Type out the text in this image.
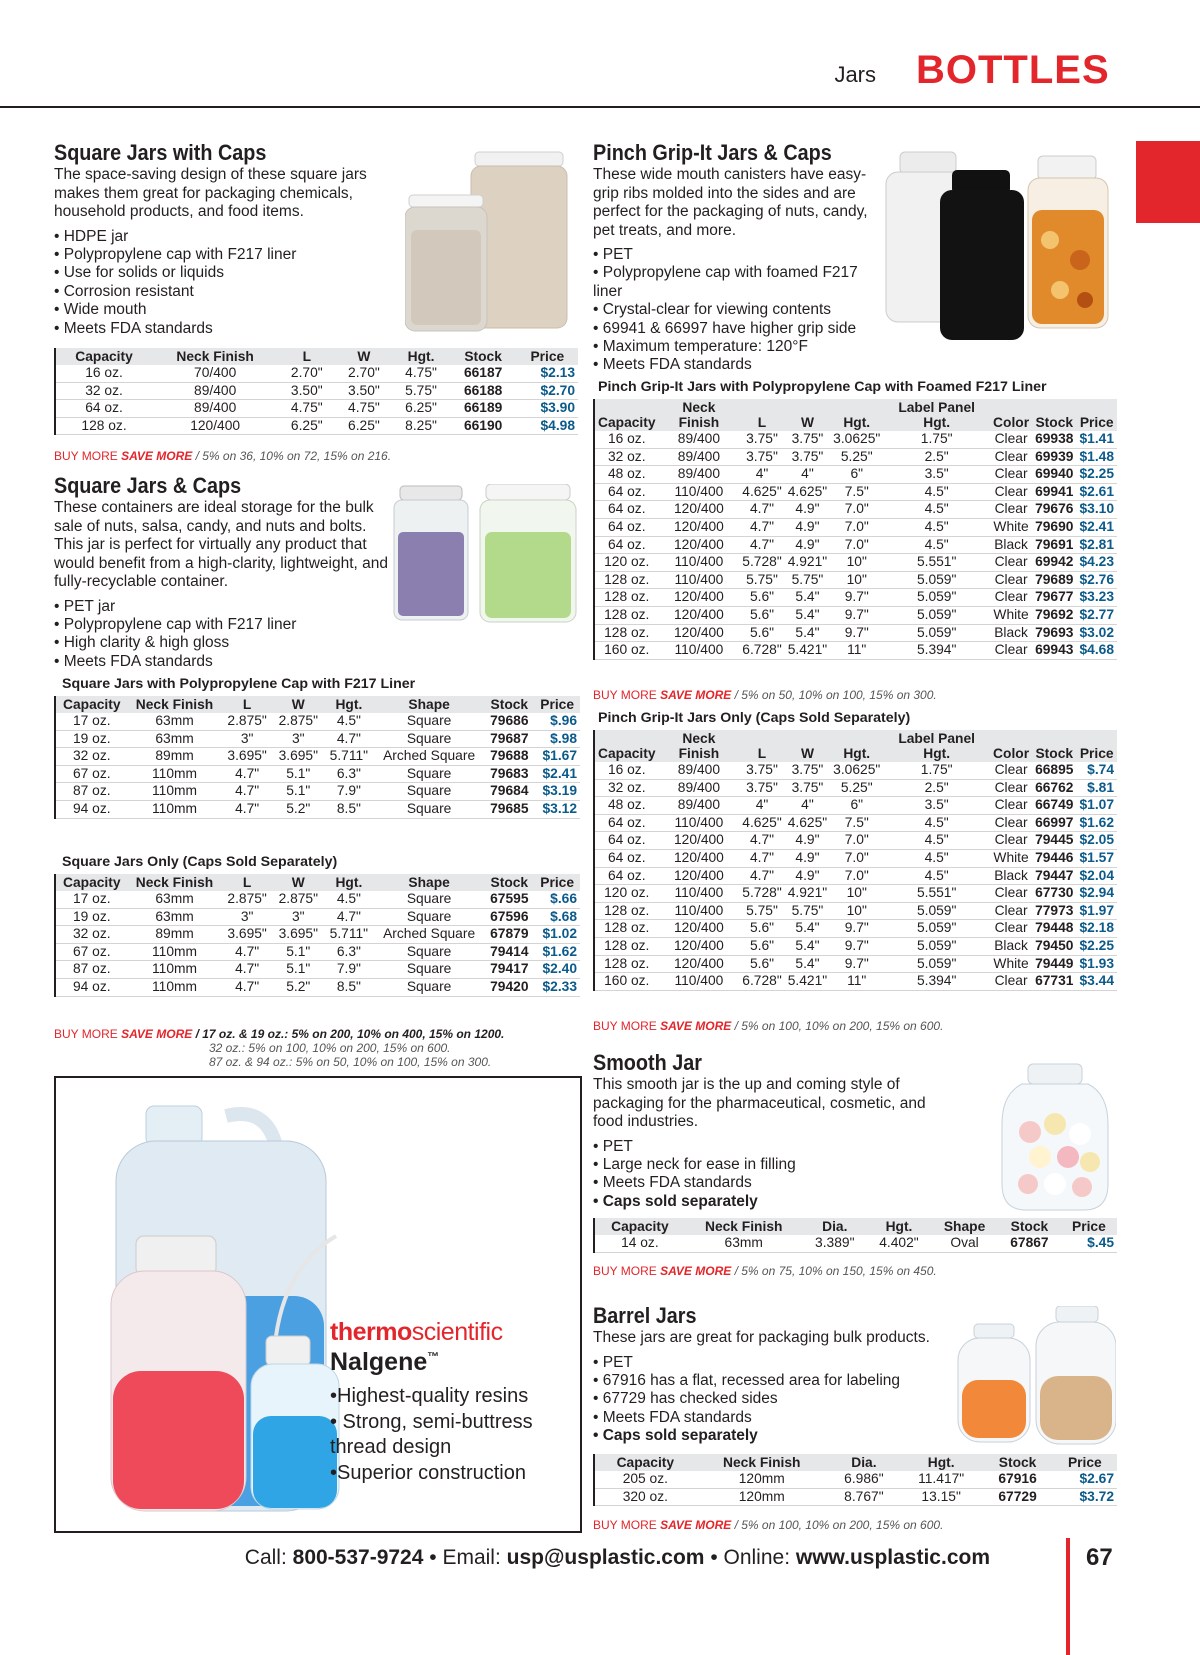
Jars BOTTLES
Square Jars with Caps
The space-saving design of these square jars makes them great for packaging chemicals, household products, and food items.
• HDPE jar
• Polypropylene cap with F217 liner
• Use for solids or liquids
• Corrosion resistant
• Wide mouth
• Meets FDA standards
Capacity	Neck Finish	L	W	Hgt.	Stock	Price
16 oz.	70/400	2.70"	2.70"	4.75"	66187	$2.13
32 oz.	89/400	3.50"	3.50"	5.75"	66188	$2.70
64 oz.	89/400	4.75"	4.75"	6.25"	66189	$3.90
128 oz.	120/400	6.25"	6.25"	8.25"	66190	$4.98
BUY MORE SAVE MORE / 5% on 36, 10% on 72, 15% on 216.
Square Jars & Caps
These containers are ideal storage for the bulk sale of nuts, salsa, candy, and nuts and bolts. This jar is perfect for virtually any product that would benefit from a high-clarity, lightweight, and fully-recyclable container.
• PET jar
• Polypropylene cap with F217 liner
• High clarity & high gloss
• Meets FDA standards
Square Jars with Polypropylene Cap with F217 Liner
Capacity	Neck Finish	L	W	Hgt.	Shape	Stock	Price
17 oz.	63mm	2.875"	2.875"	4.5"	Square	79686	$.96
19 oz.	63mm	3"	3"	4.7"	Square	79687	$.98
32 oz.	89mm	3.695"	3.695"	5.711"	Arched Square	79688	$1.67
67 oz.	110mm	4.7"	5.1"	6.3"	Square	79683	$2.41
87 oz.	110mm	4.7"	5.1"	7.9"	Square	79684	$3.19
94 oz.	110mm	4.7"	5.2"	8.5"	Square	79685	$3.12
Square Jars Only (Caps Sold Separately)
Capacity	Neck Finish	L	W	Hgt.	Shape	Stock	Price
17 oz.	63mm	2.875"	2.875"	4.5"	Square	67595	$.66
19 oz.	63mm	3"	3"	4.7"	Square	67596	$.68
32 oz.	89mm	3.695"	3.695"	5.711"	Arched Square	67879	$1.02
67 oz.	110mm	4.7"	5.1"	6.3"	Square	79414	$1.62
87 oz.	110mm	4.7"	5.1"	7.9"	Square	79417	$2.40
94 oz.	110mm	4.7"	5.2"	8.5"	Square	79420	$2.33
BUY MORE SAVE MORE / 17 oz. & 19 oz.: 5% on 200, 10% on 400, 15% on 1200.
32 oz.: 5% on 100, 10% on 200, 15% on 600.
87 oz. & 94 oz.: 5% on 50, 10% on 100, 15% on 300.
thermoscientific
Nalgene™
•Highest-quality resins
• Strong, semi-buttress thread design
•Superior construction
Pinch Grip-It Jars & Caps
These wide mouth canisters have easy-grip ribs molded into the sides and are perfect for the packaging of nuts, candy, pet treats, and more.
• PET
• Polypropylene cap with foamed F217 liner
• Crystal-clear for viewing contents
• 69941 & 66997 have higher grip side
• Maximum temperature: 120°F
• Meets FDA standards
Pinch Grip-It Jars with Polypropylene Cap with Foamed F217 Liner
Capacity	Neck Finish	L	W	Hgt.	Label Panel Hgt.	Color	Stock	Price
16 oz.	89/400	3.75"	3.75"	3.0625"	1.75"	Clear	69938	$1.41
32 oz.	89/400	3.75"	3.75"	5.25"	2.5"	Clear	69939	$1.48
48 oz.	89/400	4"	4"	6"	3.5"	Clear	69940	$2.25
64 oz.	110/400	4.625"	4.625"	7.5"	4.5"	Clear	69941	$2.61
64 oz.	120/400	4.7"	4.9"	7.0"	4.5"	Clear	79676	$3.10
64 oz.	120/400	4.7"	4.9"	7.0"	4.5"	White	79690	$2.41
64 oz.	120/400	4.7"	4.9"	7.0"	4.5"	Black	79691	$2.81
120 oz.	110/400	5.728"	4.921"	10"	5.551"	Clear	69942	$4.23
128 oz.	110/400	5.75"	5.75"	10"	5.059"	Clear	79689	$2.76
128 oz.	120/400	5.6"	5.4"	9.7"	5.059"	Clear	79677	$3.23
128 oz.	120/400	5.6"	5.4"	9.7"	5.059"	White	79692	$2.77
128 oz.	120/400	5.6"	5.4"	9.7"	5.059"	Black	79693	$3.02
160 oz.	110/400	6.728"	5.421"	11"	5.394"	Clear	69943	$4.68
BUY MORE SAVE MORE / 5% on 50, 10% on 100, 15% on 300.
Pinch Grip-It Jars Only (Caps Sold Separately)
Capacity	Neck Finish	L	W	Hgt.	Label Panel Hgt.	Color	Stock	Price
16 oz.	89/400	3.75"	3.75"	3.0625"	1.75"	Clear	66895	$.74
32 oz.	89/400	3.75"	3.75"	5.25"	2.5"	Clear	66762	$.81
48 oz.	89/400	4"	4"	6"	3.5"	Clear	66749	$1.07
64 oz.	110/400	4.625"	4.625"	7.5"	4.5"	Clear	66997	$1.62
64 oz.	120/400	4.7"	4.9"	7.0"	4.5"	Clear	79445	$2.05
64 oz.	120/400	4.7"	4.9"	7.0"	4.5"	White	79446	$1.57
64 oz.	120/400	4.7"	4.9"	7.0"	4.5"	Black	79447	$2.04
120 oz.	110/400	5.728"	4.921"	10"	5.551"	Clear	67730	$2.94
128 oz.	110/400	5.75"	5.75"	10"	5.059"	Clear	77973	$1.97
128 oz.	120/400	5.6"	5.4"	9.7"	5.059"	Clear	79448	$2.18
128 oz.	120/400	5.6"	5.4"	9.7"	5.059"	Black	79450	$2.25
128 oz.	120/400	5.6"	5.4"	9.7"	5.059"	White	79449	$1.93
160 oz.	110/400	6.728"	5.421"	11"	5.394"	Clear	67731	$3.44
BUY MORE SAVE MORE / 5% on 100, 10% on 200, 15% on 600.
Smooth Jar
This smooth jar is the up and coming style of packaging for the pharmaceutical, cosmetic, and food industries.
• PET
• Large neck for ease in filling
• Meets FDA standards
• Caps sold separately
Capacity	Neck Finish	Dia.	Hgt.	Shape	Stock	Price
14 oz.	63mm	3.389"	4.402"	Oval	67867	$.45
BUY MORE SAVE MORE / 5% on 75, 10% on 150, 15% on 450.
Barrel Jars
These jars are great for packaging bulk products.
• PET
• 67916 has a flat, recessed area for labeling
• 67729 has checked sides
• Meets FDA standards
• Caps sold separately
Capacity	Neck Finish	Dia.	Hgt.	Stock	Price
205 oz.	120mm	6.986"	11.417"	67916	$2.67
320 oz.	120mm	8.767"	13.15"	67729	$3.72
BUY MORE SAVE MORE / 5% on 100, 10% on 200, 15% on 600.
Call: 800-537-9724 • Email: usp@usplastic.com • Online: www.usplastic.com	67
